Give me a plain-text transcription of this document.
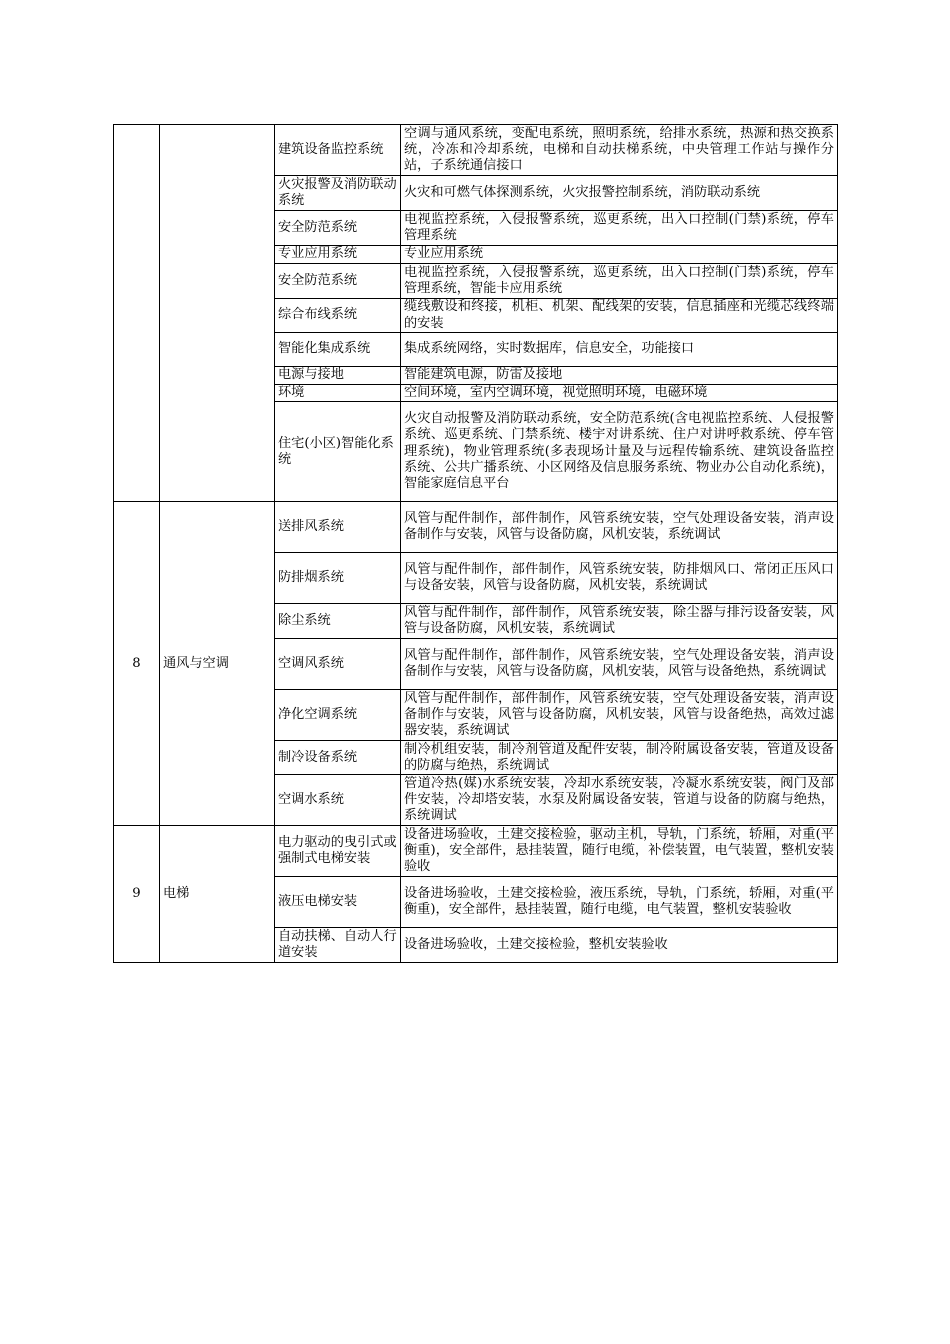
		建筑设备监控系统	空调与通风系统，变配电系统，照明系统，给排水系统，热源和热交换系统，冷冻和冷却系统，电梯和自动扶梯系统，中央管理工作站与操作分站，子系统通信接口
		火灾报警及消防联动系统	火灾和可燃气体探测系统，火灾报警控制系统，消防联动系统
		安全防范系统	电视监控系统，入侵报警系统，巡更系统，出入口控制(门禁)系统，停车管理系统
		专业应用系统	专业应用系统
		安全防范系统	电视监控系统，入侵报警系统，巡更系统，出入口控制(门禁)系统，停车管理系统，智能卡应用系统
		综合布线系统	缆线敷设和终接，机柜、机架、配线架的安装，信息插座和光缆芯线终端的安装
		智能化集成系统	集成系统网络，实时数据库，信息安全，功能接口
		电源与接地	智能建筑电源，防雷及接地
		环境	空间环境，室内空调环境，视觉照明环境，电磁环境
		住宅(小区)智能化系统	火灾自动报警及消防联动系统，安全防范系统(含电视监控系统、人侵报警系统、巡更系统、门禁系统、楼宇对讲系统、住户对讲呼救系统、停车管理系统)，物业管理系统(多表现场计量及与远程传输系统、建筑设备监控系统、公共广播系统、小区网络及信息服务系统、物业办公自动化系统)，智能家庭信息平台
8	通风与空调	送排风系统	风管与配件制作，部件制作，风管系统安装，空气处理设备安装，消声设备制作与安装，风管与设备防腐，风机安装，系统调试
		防排烟系统	风管与配件制作，部件制作，风管系统安装，防排烟风口、常闭正压风口与设备安装，风管与设备防腐，风机安装，系统调试
		除尘系统	风管与配件制作，部件制作，风管系统安装，除尘器与排污设备安装，风管与设备防腐，风机安装，系统调试
		空调风系统	风管与配件制作，部件制作，风管系统安装，空气处理设备安装，消声设备制作与安装，风管与设备防腐，风机安装，风管与设备绝热，系统调试
		净化空调系统	风管与配件制作，部件制作，风管系统安装，空气处理设备安装，消声设备制作与安装，风管与设备防腐，风机安装，风管与设备绝热，高效过滤器安装，系统调试
		制冷设备系统	制冷机组安装，制冷剂管道及配件安装，制冷附属设备安装，管道及设备的防腐与绝热，系统调试
		空调水系统	管道冷热(媒)水系统安装，冷却水系统安装，冷凝水系统安装，阀门及部件安装，冷却塔安装，水泵及附属设备安装，管道与设备的防腐与绝热，系统调试
9	电梯	电力驱动的曳引式或强制式电梯安装	设备进场验收，土建交接检验，驱动主机，导轨，门系统，轿厢，对重(平衡重)，安全部件，悬挂装置，随行电缆，补偿装置，电气装置，整机安装验收
		液压电梯安装	设备进场验收，土建交接检验，液压系统，导轨，门系统，轿厢，对重(平衡重)，安全部件，悬挂装置，随行电缆，电气装置，整机安装验收
		自动扶梯、自动人行道安装	设备进场验收，土建交接检验，整机安装验收
